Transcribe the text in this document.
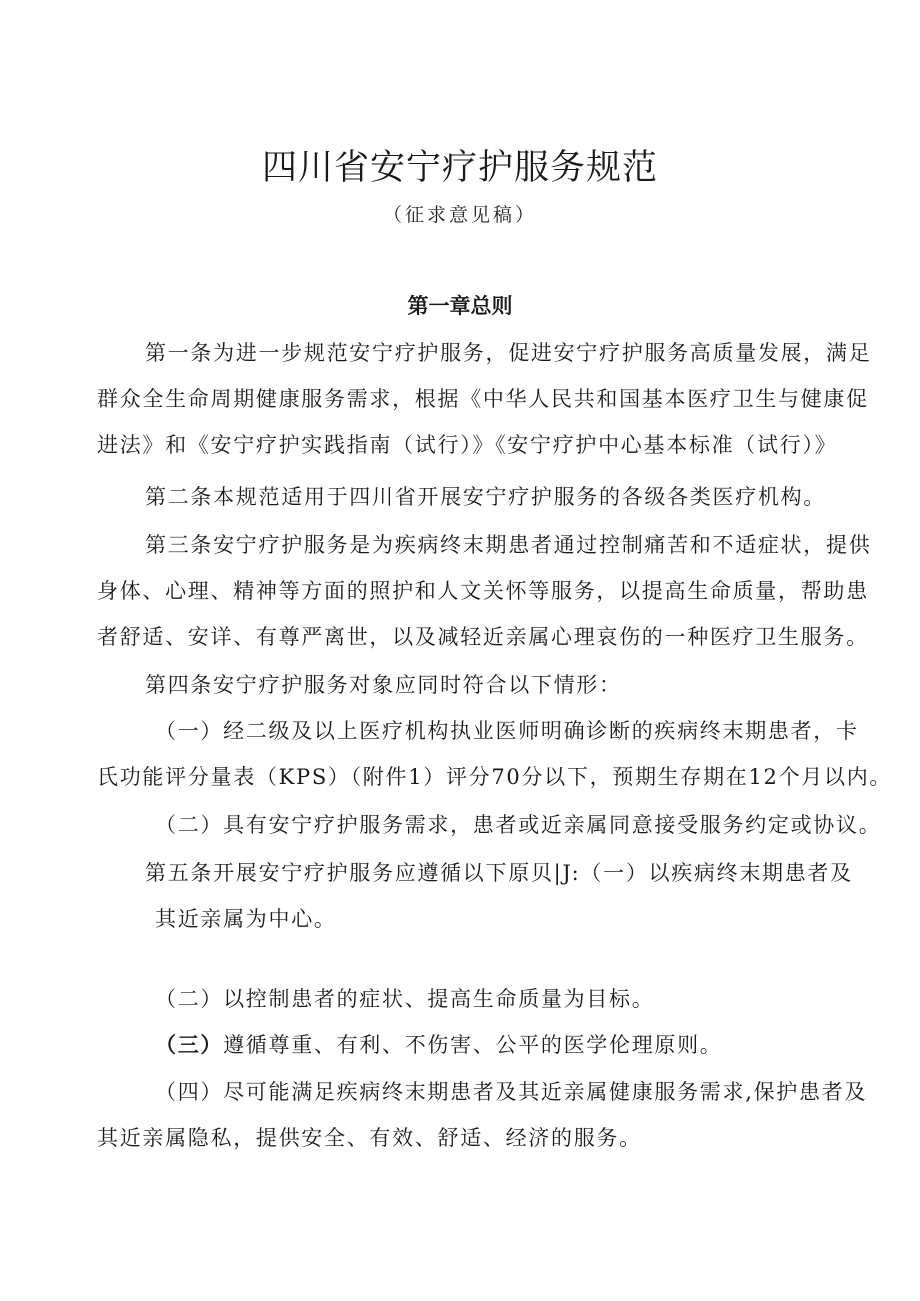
四川省安宁疗护服务规范
（征求意见稿）
第一章总则
第一条为进一步规范安宁疗护服务，促进安宁疗护服务高质量发展，满足
群众全生命周期健康服务需求，根据《中华人民共和国基本医疗卫生与健康促
进法》和《安宁疗护实践指南（试行）》《安宁疗护中心基本标准（试行）》
第二条本规范适用于四川省开展安宁疗护服务的各级各类医疗机构。
第三条安宁疗护服务是为疾病终末期患者通过控制痛苦和不适症状，提供
身体、心理、精神等方面的照护和人文关怀等服务，以提高生命质量，帮助患
者舒适、安详、有尊严离世，以及减轻近亲属心理哀伤的一种医疗卫生服务。
第四条安宁疗护服务对象应同时符合以下情形：
（一）经二级及以上医疗机构执业医师明确诊断的疾病终末期患者，卡
氏功能评分量表（KPS）（附件1）评分70分以下，预期生存期在12个月以内。
（二）具有安宁疗护服务需求，患者或近亲属同意接受服务约定或协议。
第五条开展安宁疗护服务应遵循以下原贝|J:（一）以疾病终末期患者及
其近亲属为中心。
（二）以控制患者的症状、提高生命质量为目标。
（三）遵循尊重、有利、不伤害、公平的医学伦理原则。
（四）尽可能满足疾病终末期患者及其近亲属健康服务需求,保护患者及
其近亲属隐私，提供安全、有效、舒适、经济的服务。
